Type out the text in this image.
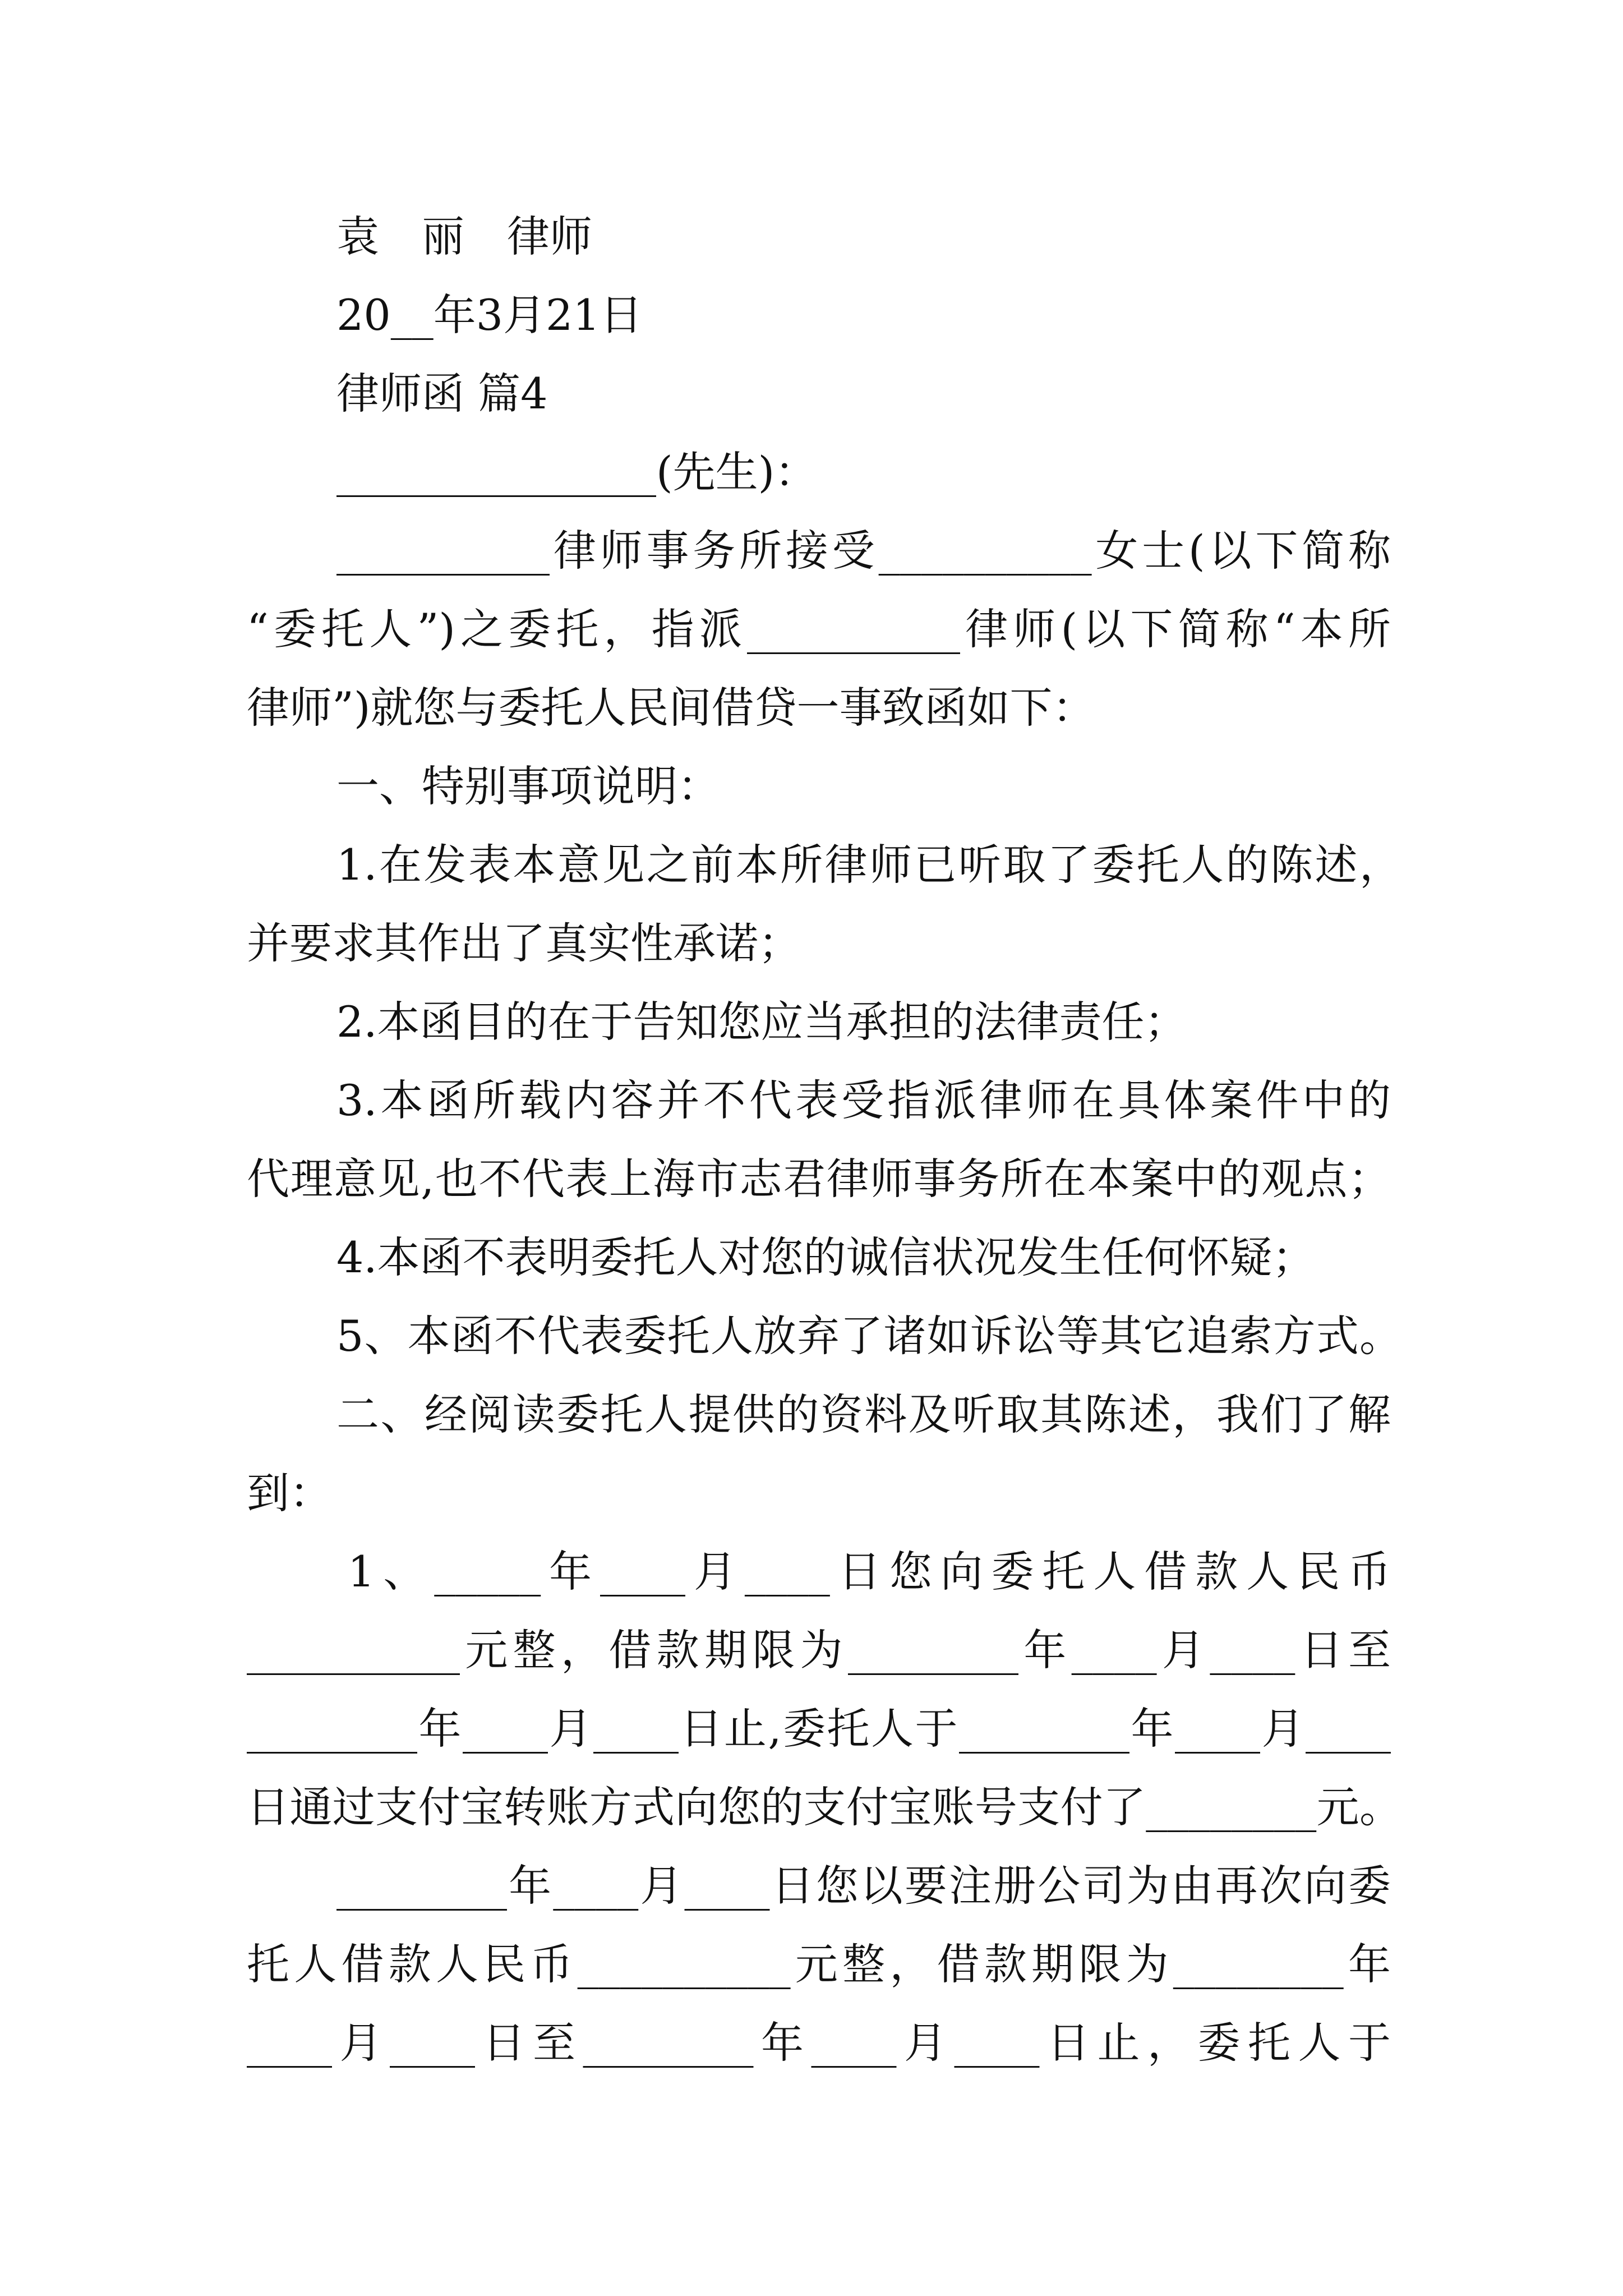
袁　丽　律师
20__年3月21日
律师函 篇4
_______________(先生)：
__________律师事务所接受__________女士(以下简称
“委托人”)之委托，指派__________律师(以下简称“本所
律师”)就您与委托人民间借贷一事致函如下：
一、特别事项说明：
1.在发表本意见之前本所律师已听取了委托人的陈述，
并要求其作出了真实性承诺；
2.本函目的在于告知您应当承担的法律责任；
3.本函所载内容并不代表受指派律师在具体案件中的
代理意见,也不代表上海市志君律师事务所在本案中的观点；
4.本函不表明委托人对您的诚信状况发生任何怀疑；
5、本函不代表委托人放弃了诸如诉讼等其它追索方式。
二、经阅读委托人提供的资料及听取其陈述，我们了解
到：
1、_____年____月____日您向委托人借款人民币
__________元整，借款期限为________年____月____日至
________年____月____日止,委托人于________年____月____
日通过支付宝转账方式向您的支付宝账号支付了________元。
________年____月____日您以要注册公司为由再次向委
托人借款人民币__________元整，借款期限为________年
____月____日至________年____月____日止，委托人于
